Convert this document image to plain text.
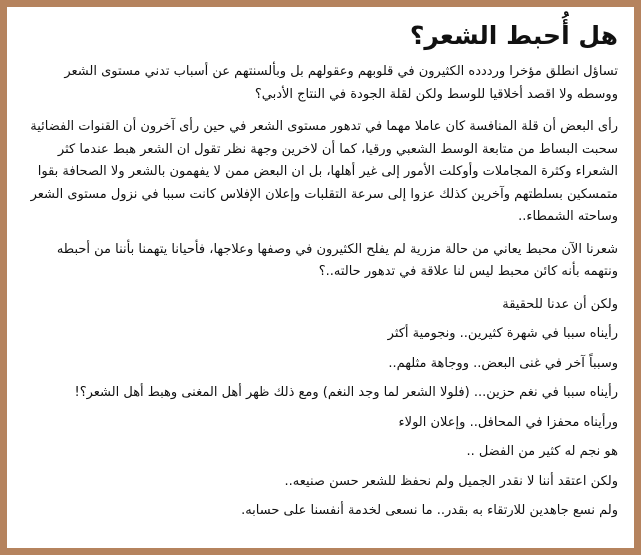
هل أُحبط الشعر؟

تساؤل انطلق مؤخرا ورددده الكثيرون في قلوبهم وعقولهم بل وبألسنتهم عن أسباب تدني مستوى الشعر ووسطه ولا اقصد أخلاقيا للوسط ولكن لقلة الجودة في النتاج الأدبي؟

رأى البعض أن قلة المنافسة كان عاملا مهما في تدهور مستوى الشعر في حين رأى آخرون أن القنوات الفضائية سحبت البساط من متابعة الوسط الشعبي ورقيا، كما أن لاخرين وجهة نظر تقول ان الشعر هبط عندما كثر الشعراء وكثرة المجاملات وأوكلت الأمور إلى غير أهلها، بل ان البعض ممن لا يفهمون بالشعر ولا الصحافة بقوا متمسكين بسلطتهم وآخرين كذلك عزوا إلى سرعة التقلبات وإعلان الإفلاس كانت سببا في نزول مستوى الشعر وساحته الشمطاء..

شعرنا الآن محبط يعاني من حالة مزرية لم يفلح الكثيرون في وصفها وعلاجها، فأحيانا يتهمنا بأننا من أحبطه ونتهمه بأنه كائن محبط ليس لنا علاقة في تدهور حالته..؟

ولكن أن عدنا للحقيقة

رأيناه سببا في شهرة كثيرين.. ونجومية أكثر

وسبباً آخر في غنى البعض.. ووجاهة مثلهم..

رأيناه سببا في نغم حزين... (فلولا الشعر لما وجد النغم) ومع ذلك ظهر أهل المغنى وهبط أهل الشعر؟!

ورأيناه محفزا في المحافل.. وإعلان الولاء

هو نجم له كثير من الفضل ..

ولكن اعتقد أننا لا نقدر الجميل ولم نحفظ للشعر حسن صنيعه..

ولم نسع جاهدين للارتقاء به بقدر.. ما نسعى لخدمة أنفسنا على حسابه.
